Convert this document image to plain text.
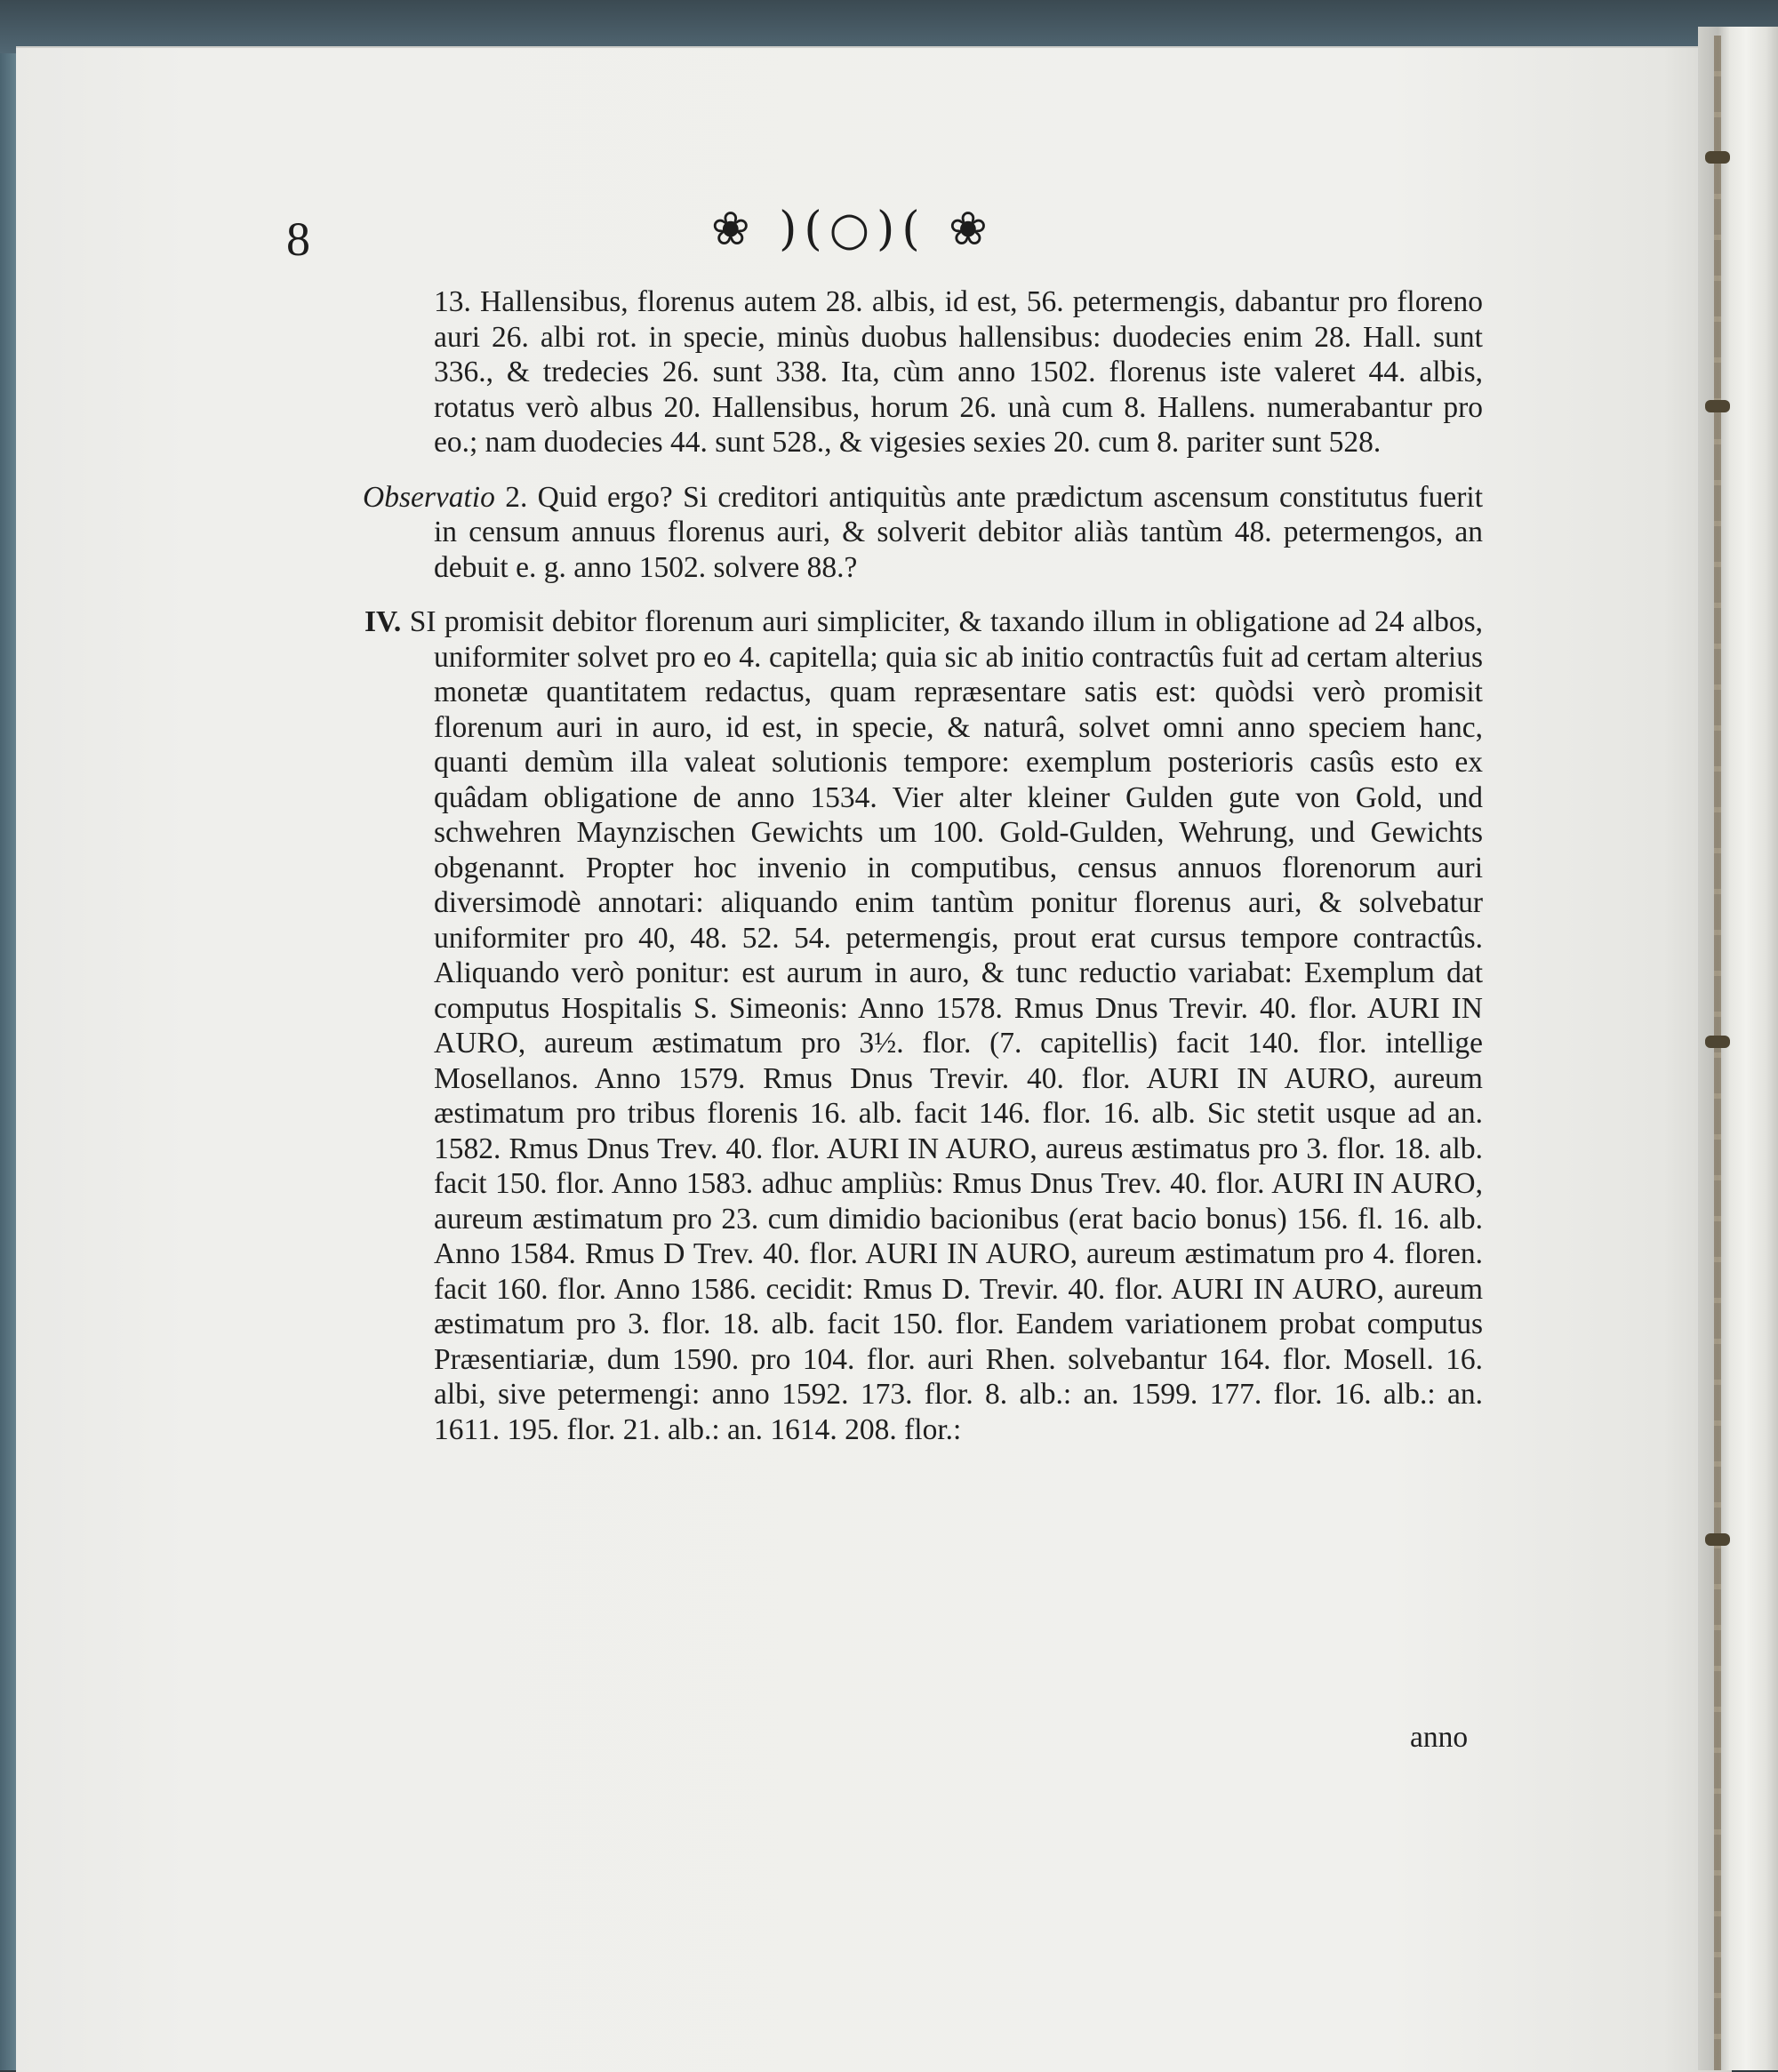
8	❀ )(○)( ❀

13. Hallensibus, florenus autem 28. albis, id est, 56. petermengis, dabantur pro floreno auri 26. albi rot. in specie, minùs duobus hallensibus: duodecies enim 28. Hall. sunt 336., & tredecies 26. sunt 338. Ita, cùm anno 1502. florenus iste valeret 44. albis, rotatus verò albus 20. Hallensibus, horum 26. unà cum 8. Hallens. numerabantur pro eo.; nam duodecies 44. sunt 528., & vigesies sexies 20. cum 8. pariter sunt 528.

Observatio 2. Quid ergo? Si creditori antiquitùs ante prædictum ascensum constitutus fuerit in censum annuus florenus auri, & solverit debitor aliàs tantùm 48. petermengos, an debuit e. g. anno 1502. solvere 88.?

IV. SI promisit debitor florenum auri simpliciter, & taxando illum in obligatione ad 24 albos, uniformiter solvet pro eo 4. capitella; quia sic ab initio contractûs fuit ad certam alterius monetæ quantitatem redactus, quam repræsentare satis est: quòdsi verò promisit florenum auri in auro, id est, in specie, & naturâ, solvet omni anno speciem hanc, quanti demùm illa valeat solutionis tempore: exemplum posterioris casûs esto ex quâdam obligatione de anno 1534. Vier alter kleiner Gulden gute von Gold, und schwehren Maynzischen Gewichts um 100. Gold-Gulden, Wehrung, und Gewichts obgenannt. Propter hoc invenio in computibus, census annuos florenorum auri diversimodè annotari: aliquando enim tantùm ponitur florenus auri, & solvebatur uniformiter pro 40, 48. 52. 54. petermengis, prout erat cursus tempore contractûs. Aliquando verò ponitur: est aurum in auro, & tunc reductio variabat: Exemplum dat computus Hospitalis S. Simeonis: Anno 1578. Rmus Dnus Trevir. 40. flor. AURI IN AURO, aureum æstimatum pro 3½. flor. (7. capitellis) facit 140. flor. intellige Mosellanos. Anno 1579. Rmus Dnus Trevir. 40. flor. AURI IN AURO, aureum æstimatum pro tribus florenis 16. alb. facit 146. flor. 16. alb. Sic stetit usque ad an. 1582. Rmus Dnus Trev. 40. flor. AURI IN AURO, aureus æstimatus pro 3. flor. 18. alb. facit 150. flor. Anno 1583. adhuc ampliùs: Rmus Dnus Trev. 40. flor. AURI IN AURO, aureum æstimatum pro 23. cum dimidio bacionibus (erat bacio bonus) 156. fl. 16. alb. Anno 1584. Rmus D Trev. 40. flor. AURI IN AURO, aureum æstimatum pro 4. floren. facit 160. flor. Anno 1586. cecidit: Rmus D. Trevir. 40. flor. AURI IN AURO, aureum æstimatum pro 3. flor. 18. alb. facit 150. flor. Eandem variationem probat computus Præsentiariæ, dum 1590. pro 104. flor. auri Rhen. solvebantur 164. flor. Mosell. 16. albi, sive petermengi: anno 1592. 173. flor. 8. alb.: an. 1599. 177. flor. 16. alb.: an. 1611. 195. flor. 21. alb.: an. 1614. 208. flor.:

anno
